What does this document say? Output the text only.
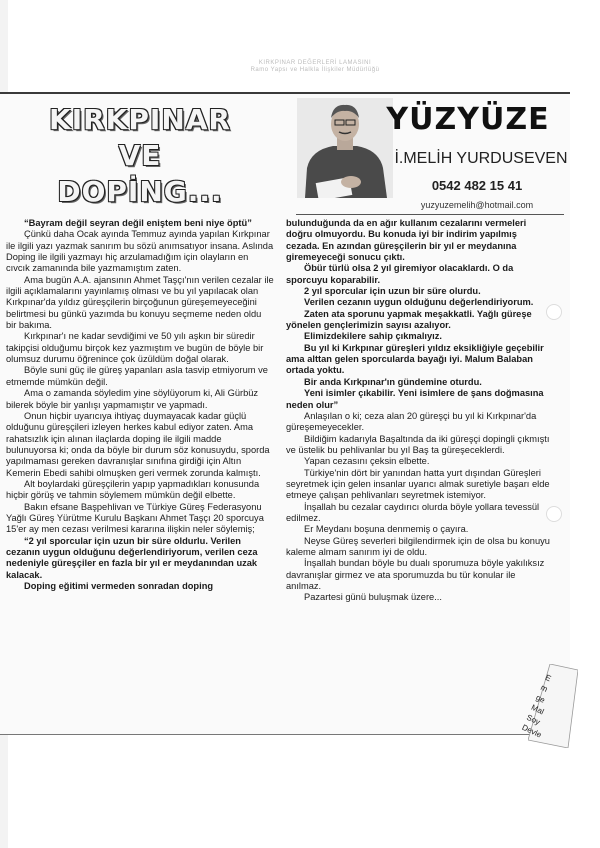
KIRKPINAR DEĞERLERİ LAMASINI
Ramo Yapsı ve Halkla İlişkiler Müdürlüğü
KIRKPINAR
VE
DOPİNG...
YÜZYÜZE
İ.MELİH YURDUSEVEN
0542 482 15 41
yuzyuzemelih@hotmail.com

“Bayram değil seyran değil eniştem beni niye öptü”

Çünkü daha Ocak ayında Temmuz ayında yapılan Kırkpınar ile ilgili yazı yazmak sanırım bu sözü anımsatıyor insana. Aslında Doping ile ilgili yazmayı hiç arzulamadığım için olayların en cıvcık zamanında bile yazmamıştım zaten.

Ama bugün A.A. ajansının Ahmet Taşçı'nın verilen cezalar ile ilgili açıklamalarını yayınlamış olması ve bu yıl yapılacak olan Kırkpınar'da yıldız güreşçilerin birçoğunun güreşemeyeceğini belirtmesi bu günkü yazımda bu konuyu seçmeme neden oldu bir bakıma.

Kırkpınar'ı ne kadar sevdiğimi ve 50 yılı aşkın bir süredir takipçisi olduğumu birçok kez yazmıştım ve bugün de böyle bir olumsuz durumu öğrenince çok üzüldüm doğal olarak.

Böyle suni güç ile güreş yapanları asla tasvip etmiyorum ve etmemde mümkün değil.

Ama o zamanda söyledim yine söylüyorum ki, Ali Gürbüz bilerek böyle bir yanlışı yapmamıştır ve yapmadı.

Onun hiçbir uyarıcıya ihtiyaç duymayacak kadar güçlü olduğunu güreşçileri izleyen herkes kabul ediyor zaten. Ama rahatsızlık için alınan ilaçlarda doping ile ilgili madde bulunuyorsa ki; onda da böyle bir durum söz konusuydu, sporda yapılmaması gereken davranışlar sınıfına girdiği için Altın Kemerin Ebedi sahibi olmuşken geri vermek zorunda kalmıştı.

Alt boylardaki güreşçilerin yapıp yapmadıkları konusunda hiçbir görüş ve tahmin söylemem mümkün değil elbette.

Bakın efsane Başpehlivan ve Türkiye Güreş Federasyonu Yağlı Güreş Yürütme Kurulu Başkanı Ahmet Taşçı 20 sporcuya 15'er ay men cezası verilmesi kararına ilişkin neler söylemiş;

“2 yıl sporcular için uzun bir süre oldurlu. Verilen cezanın uygun olduğunu değerlendiriyorum, verilen ceza nedeniyle güreşçiler en fazla bir yıl er meydanından uzak kalacak.

Doping eğitimi vermeden sonradan doping

bulunduğunda da en ağır kullanım cezalarını vermeleri doğru olmuyordu. Bu konuda iyi bir indirim yapılmış cezada. En azından güreşçilerin bir yıl er meydanına giremeyeceği sonucu çıktı.

Öbür türlü olsa 2 yıl giremiyor olacaklardı. O da sporcuyu koparabilir.

2 yıl sporcular için uzun bir süre olurdu.

Verilen cezanın uygun olduğunu değerlendiriyorum.

Zaten ata sporunu yapmak meşakkatli. Yağlı güreşe yönelen gençlerimizin sayısı azalıyor.

Elimizdekilere sahip çıkmalıyız.

Bu yıl ki Kırkpınar güreşleri yıldız eksikliğiyle geçebilir ama alttan gelen sporcularda bayağı iyi. Malum Balaban ortada yoktu.

Bir anda Kırkpınar'ın gündemine oturdu.

Yeni isimler çıkabilir. Yeni isimlere de şans doğmasına neden olur”

Anlaşılan o ki; ceza alan 20 güreşçi bu yıl ki Kırkpınar'da güreşemeyecekler.

Bildiğim kadarıyla Başaltında da iki güreşçi dopingli çıkmıştı ve üstelik bu pehlivanlar bu yıl Baş ta güreşeceklerdi.

Yapan cezasını çeksin elbette.

Türkiye'nin dört bir yanından hatta yurt dışından Güreşleri seyretmek için gelen insanlar uyarıcı almak suretiyle başarı elde etmeye çalışan pehlivanları seyretmek istemiyor.

İnşallah bu cezalar caydırıcı olurda böyle yollara tevessül edilmez.

Er Meydanı boşuna denmemiş o çayıra.

Neyse Güreş severleri bilgilendirmek için de olsa bu konuyu kaleme almam sanırım iyi de oldu.

İnşallah bundan böyle bu dualı sporumuza böyle yakılıksız davranışlar girmez ve ata sporumuzda bu tür konular ile anılmaz.

Pazartesi günü buluşmak üzere...

E
m
ge
Mal
Soy
Devle
